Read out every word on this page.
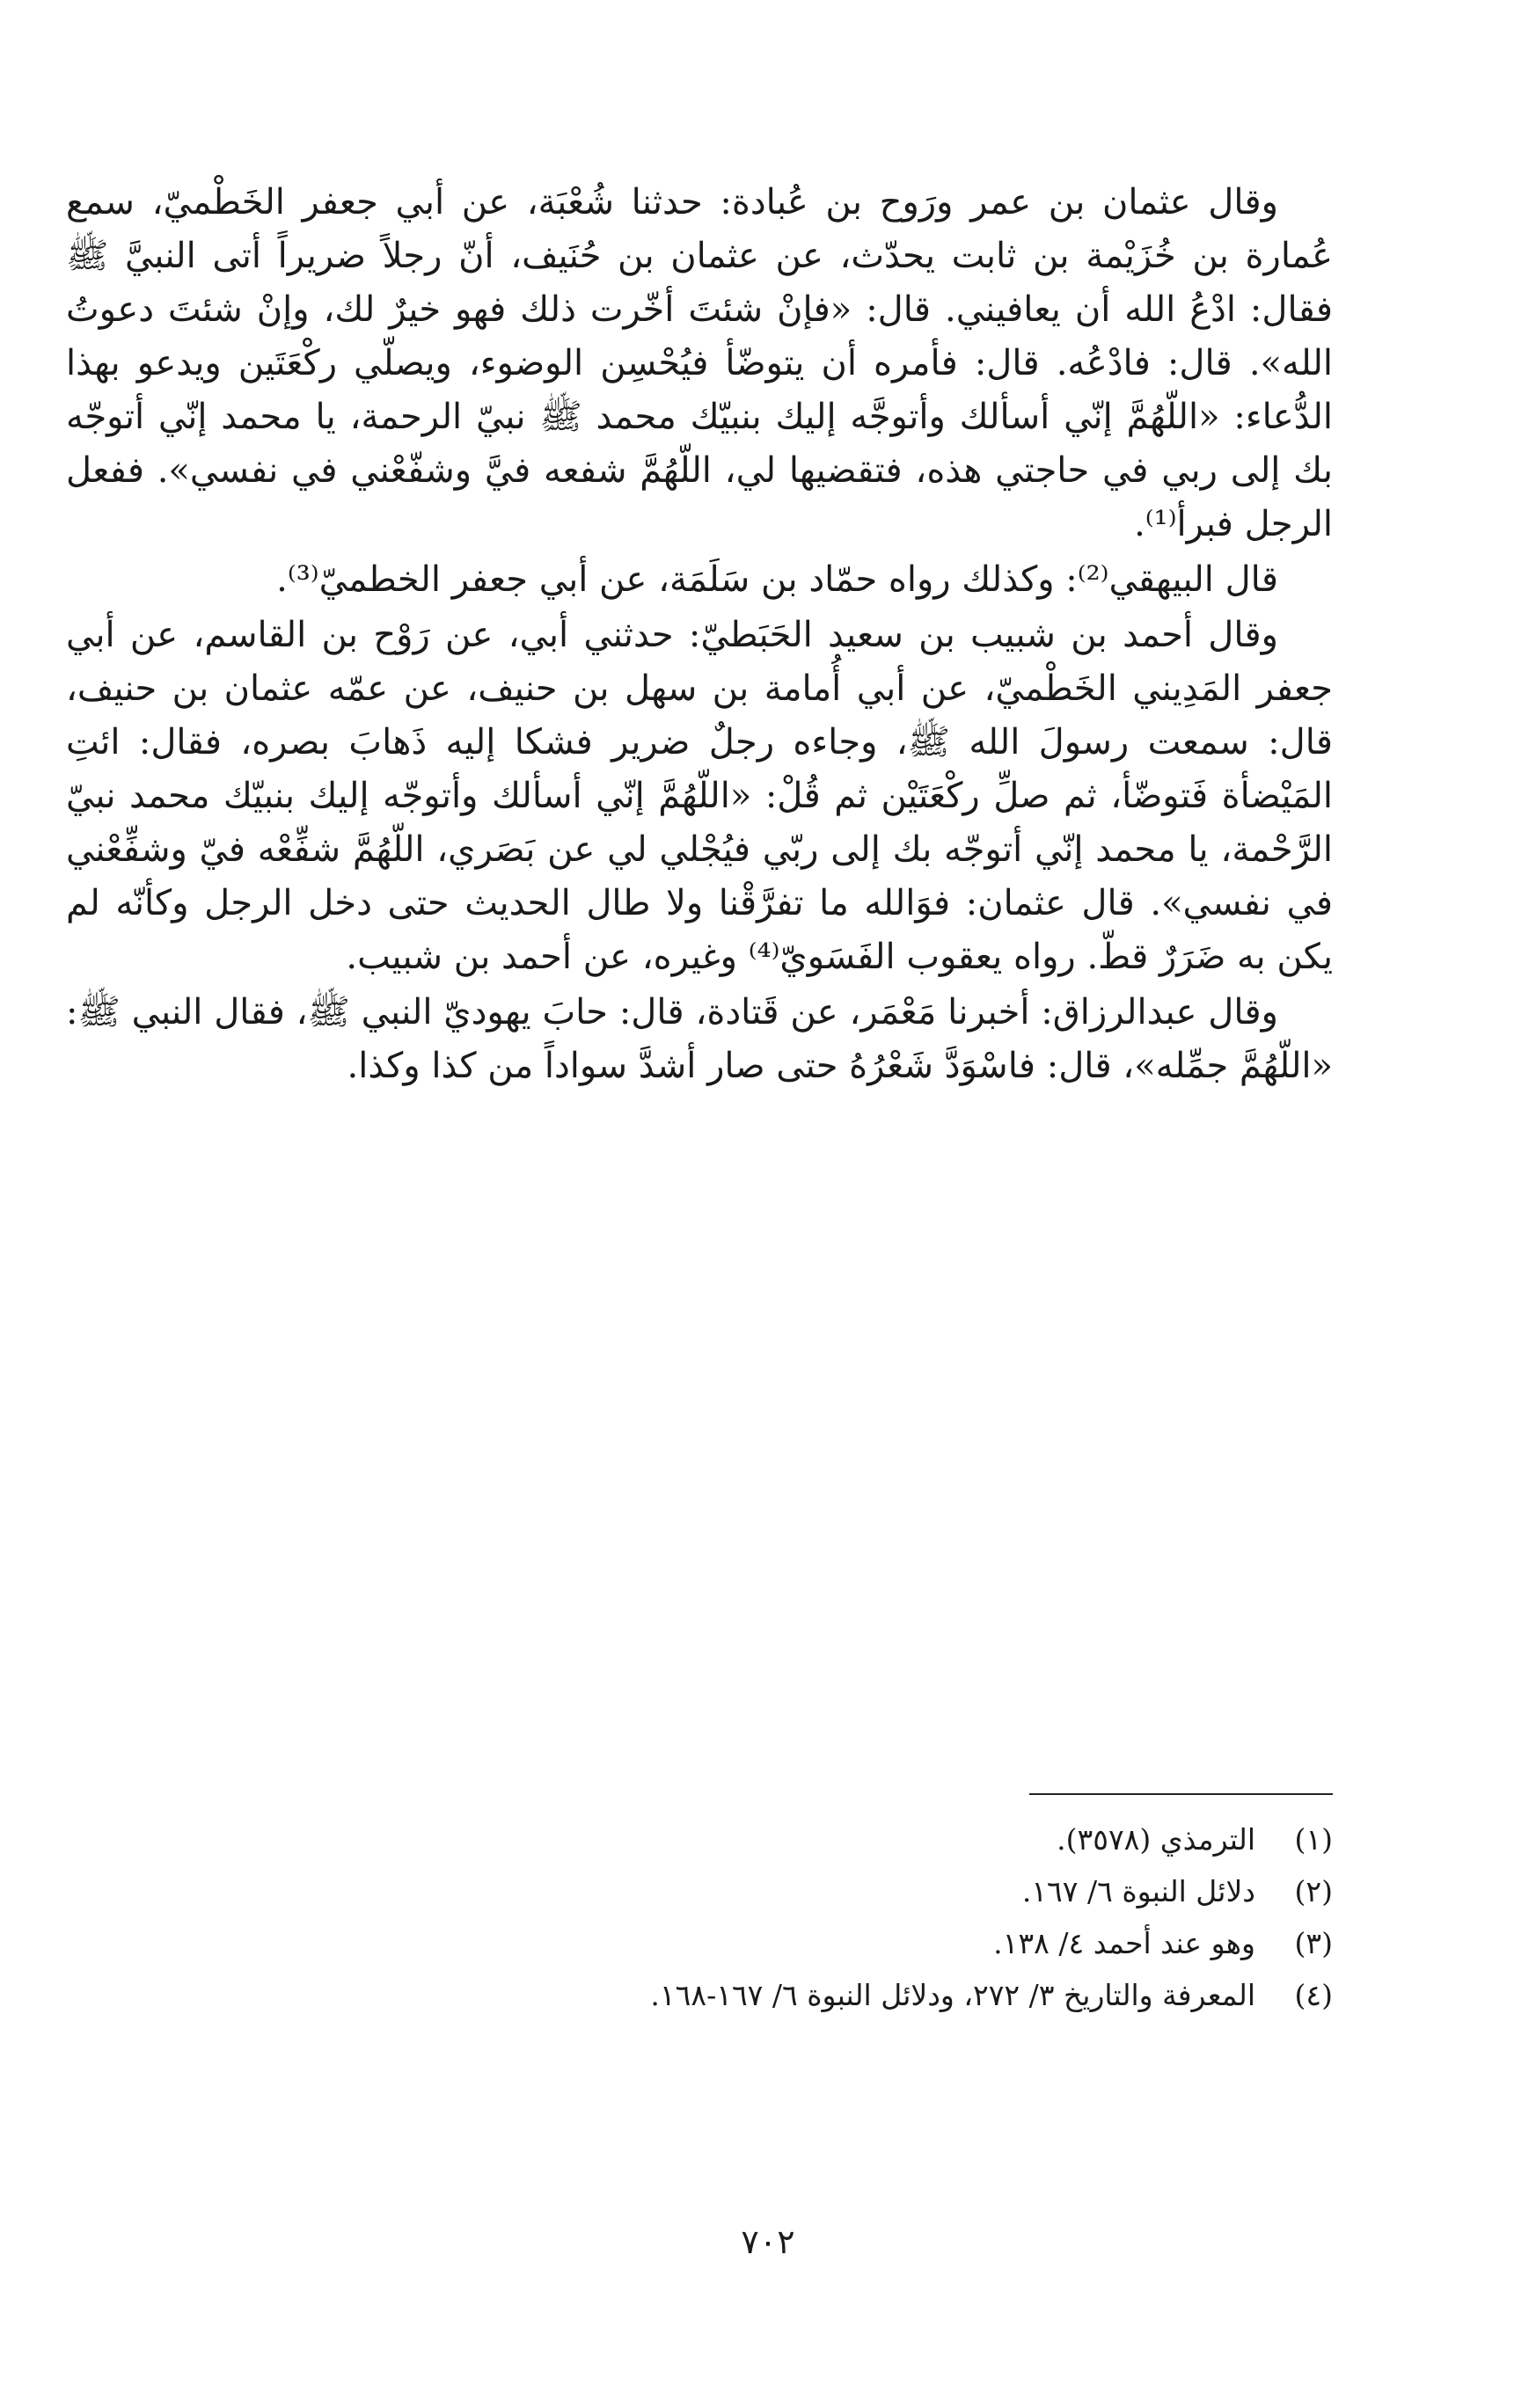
وقال عثمان بن عمر ورَوح بن عُبادة: حدثنا شُعْبَة، عن أبي جعفر الخَطْميّ، سمع عُمارة بن خُزَيْمة بن ثابت يحدّث، عن عثمان بن حُنَيف، أنّ رجلاً ضريراً أتى النبيَّ ﷺ فقال: ادْعُ الله أن يعافيني. قال: «فإنْ شئتَ أخّرت ذلك فهو خيرٌ لك، وإنْ شئتَ دعوتُ الله». قال: فادْعُه. قال: فأمره أن يتوضّأ فيُحْسِن الوضوء، ويصلّي ركْعَتَين ويدعو بهذا الدُّعاء: «اللّهُمَّ إنّي أسألك وأتوجَّه إليك بنبيّك محمد ﷺ نبيّ الرحمة، يا محمد إنّي أتوجّه بك إلى ربي في حاجتي هذه، فتقضيها لي، اللّهُمَّ شفعه فيَّ وشفّعْني في نفسي». ففعل الرجل فبرأ⁽¹⁾.

قال البيهقي⁽²⁾: وكذلك رواه حمّاد بن سَلَمَة، عن أبي جعفر الخطميّ⁽³⁾.

وقال أحمد بن شبيب بن سعيد الحَبَطيّ: حدثني أبي، عن رَوْح بن القاسم، عن أبي جعفر المَدِيني الخَطْميّ، عن أبي أُمامة بن سهل بن حنيف، عن عمّه عثمان بن حنيف، قال: سمعت رسولَ الله ﷺ، وجاءه رجلٌ ضرير فشكا إليه ذَهابَ بصره، فقال: ائتِ المَيْضأة فَتوضّأ، ثم صلِّ ركْعَتَيْن ثم قُلْ: «اللّهُمَّ إنّي أسألك وأتوجّه إليك بنبيّك محمد نبيّ الرَّحْمة، يا محمد إنّي أتوجّه بك إلى ربّي فيُجْلي لي عن بَصَري، اللّهُمَّ شفِّعْه فيّ وشفِّعْني في نفسي». قال عثمان: فوَالله ما تفرَّقْنا ولا طال الحديث حتى دخل الرجل وكأنّه لم يكن به ضَرَرٌ قطّ. رواه يعقوب الفَسَويّ⁽⁴⁾ وغيره، عن أحمد بن شبيب.

وقال عبدالرزاق: أخبرنا مَعْمَر، عن قَتادة، قال: حابَ يهوديّ النبي ﷺ، فقال النبي ﷺ: «اللّهُمَّ جمِّله»، قال: فاسْوَدَّ شَعْرُهُ حتى صار أشدَّ سواداً من كذا وكذا.

(١)
الترمذي (٣٥٧٨).
(٢)
دلائل النبوة ٦/ ١٦٧.
(٣)
وهو عند أحمد ٤/ ١٣٨.
(٤)
المعرفة والتاريخ ٣/ ٢٧٢، ودلائل النبوة ٦/ ١٦٧-١٦٨.
٧٠٢
